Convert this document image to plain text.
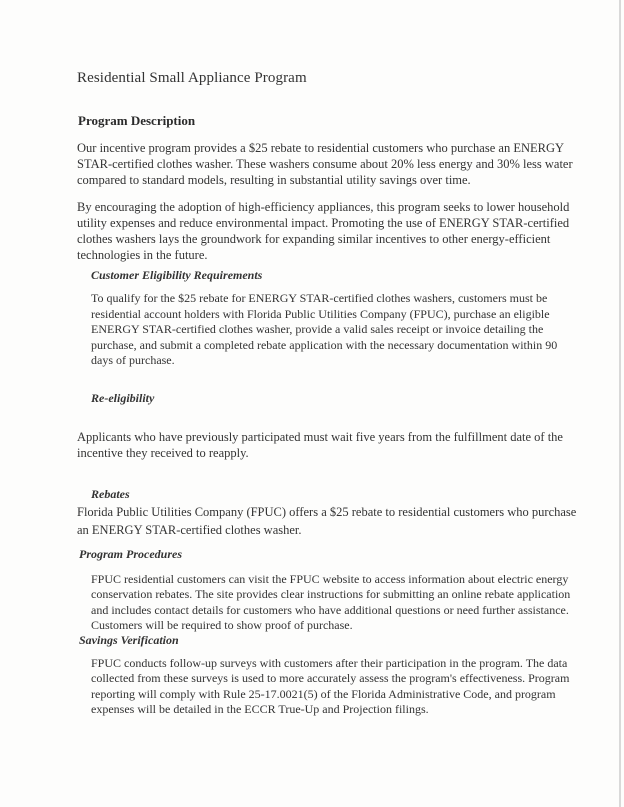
Residential Small Appliance Program
Program Description

Our incentive program provides a $25 rebate to residential customers who purchase an ENERGY STAR-certified clothes washer. These washers consume about 20% less energy and 30% less water compared to standard models, resulting in substantial utility savings over time.

By encouraging the adoption of high-efficiency appliances, this program seeks to lower household utility expenses and reduce environmental impact. Promoting the use of ENERGY STAR-certified clothes washers lays the groundwork for expanding similar incentives to other energy-efficient technologies in the future.

Customer Eligibility Requirements

To qualify for the $25 rebate for ENERGY STAR-certified clothes washers, customers must be residential account holders with Florida Public Utilities Company (FPUC), purchase an eligible ENERGY STAR-certified clothes washer, provide a valid sales receipt or invoice detailing the purchase, and submit a completed rebate application with the necessary documentation within 90 days of purchase.

Re-eligibility

Applicants who have previously participated must wait five years from the fulfillment date of the incentive they received to reapply.

Rebates

Florida Public Utilities Company (FPUC) offers a $25 rebate to residential customers who purchase an ENERGY STAR-certified clothes washer.

Program Procedures

FPUC residential customers can visit the FPUC website to access information about electric energy conservation rebates. The site provides clear instructions for submitting an online rebate application and includes contact details for customers who have additional questions or need further assistance. Customers will be required to show proof of purchase.

Savings Verification

FPUC conducts follow-up surveys with customers after their participation in the program. The data collected from these surveys is used to more accurately assess the program's effectiveness. Program reporting will comply with Rule 25-17.0021(5) of the Florida Administrative Code, and program expenses will be detailed in the ECCR True-Up and Projection filings.
